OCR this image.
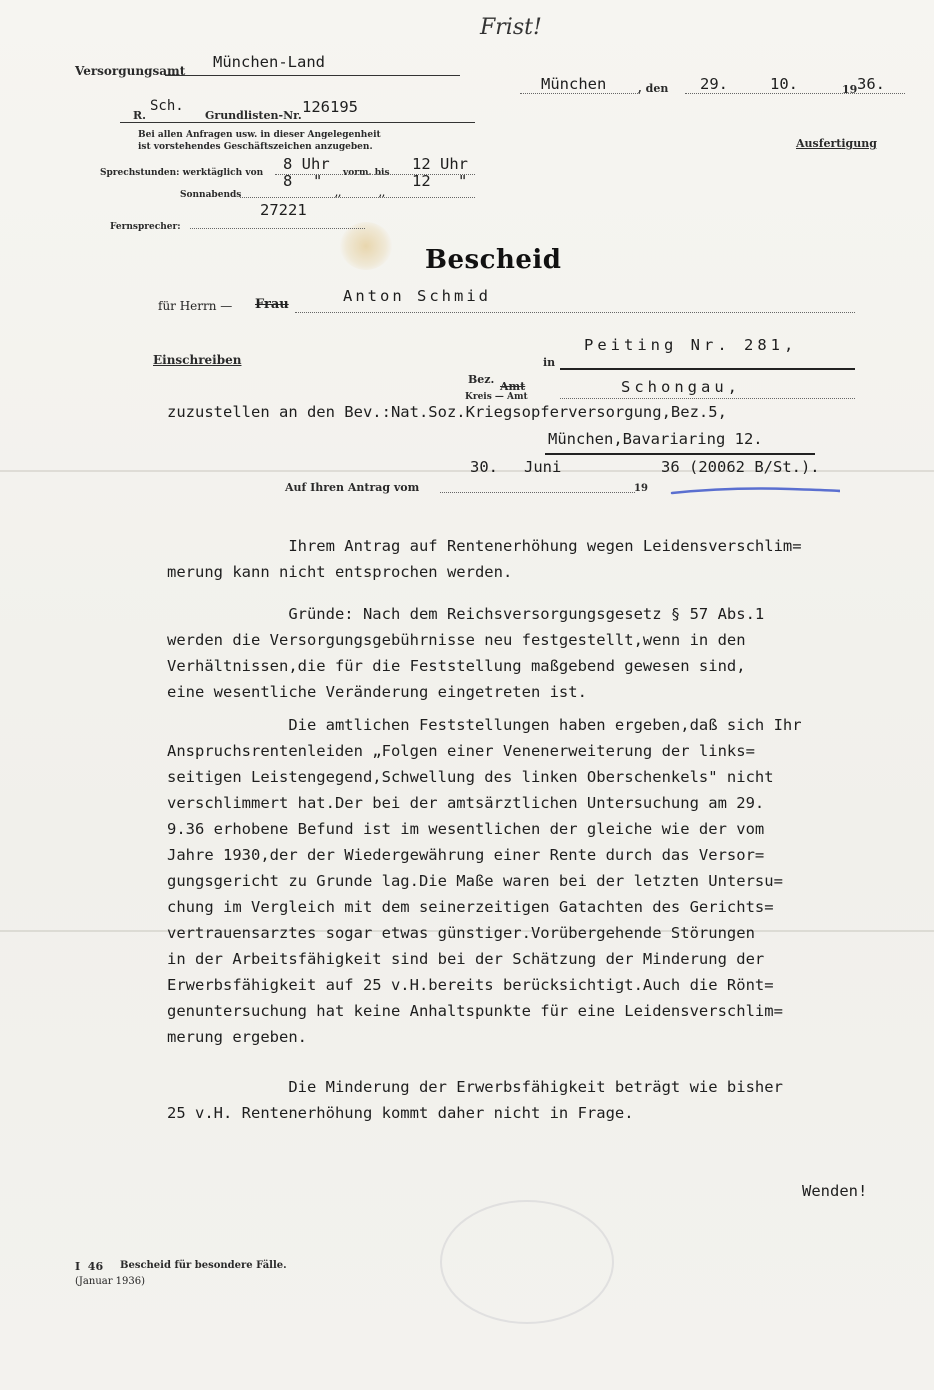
Versorgungsamt München-Land
Frist!
München	, den 29.	10.	19 36.
R.
Sch.
Grundlisten-Nr. 126195
Bei allen Anfragen usw. in dieser Angelegenheit
ist vorstehendes Geschäftszeichen anzugeben.	Ausfertigung
Sprechstunden: werktäglich von 8 Uhr vorm. bis 12 Uhr
8 "	12 "
Sonnabends	,,            ,,
Fernsprecher:
27221
Bescheid
für Herrn — Frau	Anton Schmid
Einschreiben	in
Peiting Nr. 281,
Bez.
Amt
Kreis — Amt
Schongau,
zuzustellen an den Bev.:Nat.Soz.Kriegsopferversorgung,Bez.5,
München,Bavariaring 12.
30. Juni	36 (20062 B/St.).
Auf Ihren Antrag vom	19
Ihrem Antrag auf Rentenerhöhung wegen Leidensverschlim=
merung kann nicht entsprochen werden.
Gründe: Nach dem Reichsversorgungsgesetz § 57 Abs.1
werden die Versorgungsgebührnisse neu festgestellt,wenn in den
Verhältnissen,die für die Feststellung maßgebend gewesen sind,
eine wesentliche Veränderung eingetreten ist.
Die amtlichen Feststellungen haben ergeben,daß sich Ihr
Anspruchsrentenleiden „Folgen einer Venenerweiterung der links=
seitigen Leistengegend,Schwellung des linken Oberschenkels" nicht
verschlimmert hat.Der bei der amtsärztlichen Untersuchung am 29.
9.36 erhobene Befund ist im wesentlichen der gleiche wie der vom
Jahre 1930,der der Wiedergewährung einer Rente durch das Versor=
gungsgericht zu Grunde lag.Die Maße waren bei der letzten Untersu=
chung im Vergleich mit dem seinerzeitigen Gatachten des Gerichts=
vertrauensarztes sogar etwas günstiger.Vorübergehende Störungen
in der Arbeitsfähigkeit sind bei der Schätzung der Minderung der
Erwerbsfähigkeit auf 25 v.H.bereits berücksichtigt.Auch die Rönt=
genuntersuchung hat keine Anhaltspunkte für eine Leidensverschlim=
merung ergeben.
Die Minderung der Erwerbsfähigkeit beträgt wie bisher
25 v.H. Rentenerhöhung kommt daher nicht in Frage.
Wenden!
I  46 Bescheid für besondere Fälle.
(Januar 1936)
